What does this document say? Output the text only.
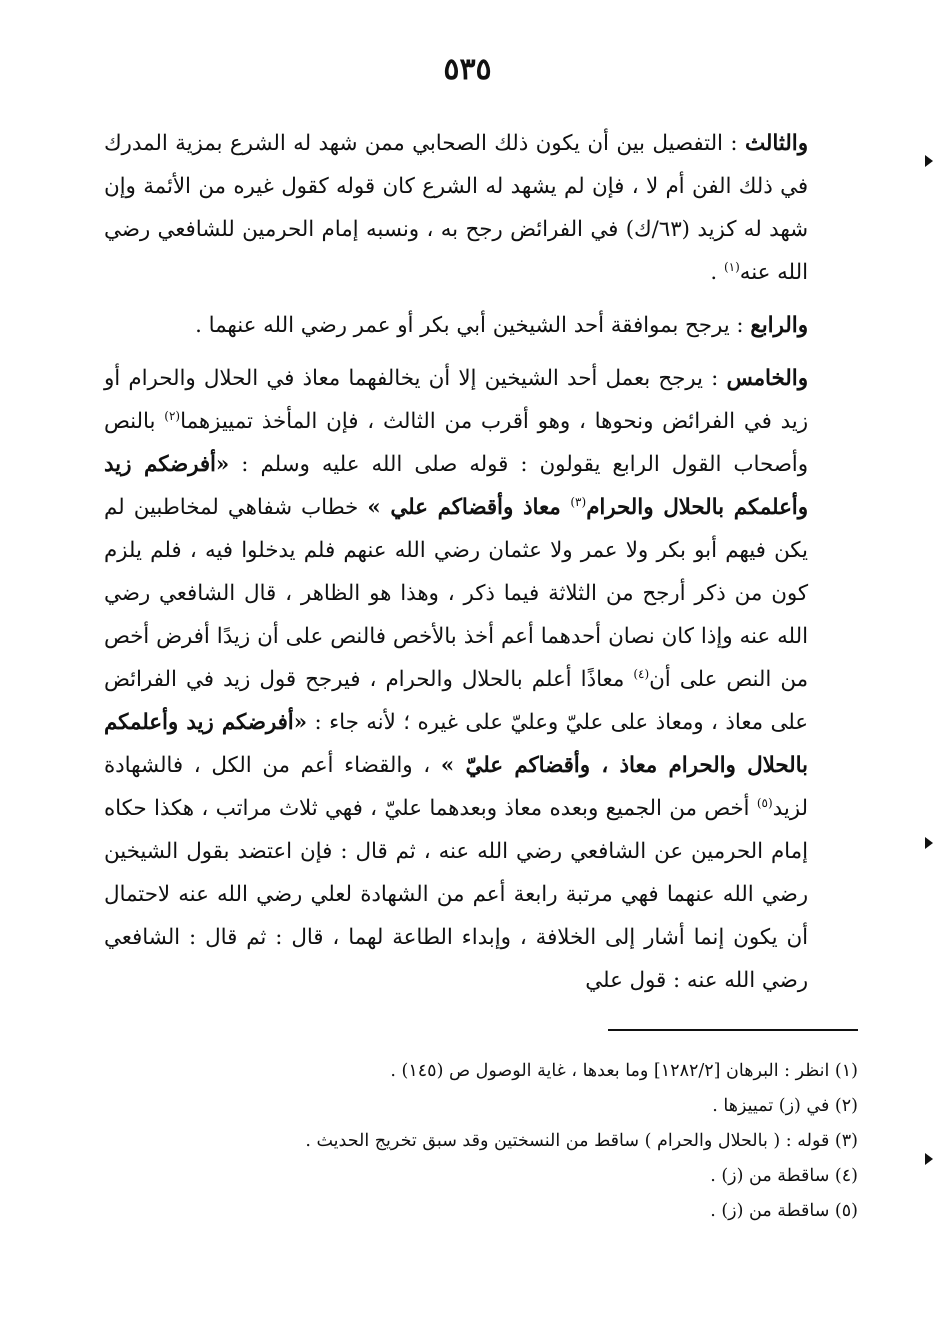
٥٣٥

والثالث : التفصيل بين أن يكون ذلك الصحابي ممن شهد له الشرع بمزية المدرك في ذلك الفن أم لا ، فإن لم يشهد له الشرع كان قوله كقول غيره من الأئمة وإن شهد له كزيد (٦٣/ك) في الفرائض رجح به ، ونسبه إمام الحرمين للشافعي رضي الله عنه$^{(١)}$ .

والرابع : يرجح بموافقة أحد الشيخين أبي بكر أو عمر رضي الله عنهما .

والخامس : يرجح بعمل أحد الشيخين إلا أن يخالفهما معاذ في الحلال والحرام أو زيد في الفرائض ونحوها ، وهو أقرب من الثالث ، فإن المأخذ تمييزهما$^{(٢)}$ بالنص وأصحاب القول الرابع يقولون : قوله صلى الله عليه وسلم : «أفرضكم زيد وأعلمكم بالحلال والحرام$^{(٣)}$ معاذ وأقضاكم علي » خطاب شفاهي لمخاطبين لم يكن فيهم أبو بكر ولا عمر ولا عثمان رضي الله عنهم فلم يدخلوا فيه ، فلم يلزم كون من ذكر أرجح من الثلاثة فيما ذكر ، وهذا هو الظاهر ، قال الشافعي رضي الله عنه وإذا كان نصان أحدهما أعم أخذ بالأخص فالنص على أن زيدًا أفرض أخص من النص على أن$^{(٤)}$ معاذًا أعلم بالحلال والحرام ، فيرجح قول زيد في الفرائض على معاذ ، ومعاذ على عليّ وعليّ على غيره ؛ لأنه جاء : «أفرضكم زيد وأعلمكم بالحلال والحرام معاذ ، وأقضاكم عليّ » ، والقضاء أعم من الكل ، فالشهادة لزيد$^{(٥)}$ أخص من الجميع وبعده معاذ وبعدهما عليّ ، فهي ثلاث مراتب ، هكذا حكاه إمام الحرمين عن الشافعي رضي الله عنه ، ثم قال : فإن اعتضد بقول الشيخين رضي الله عنهما فهي مرتبة رابعة أعم من الشهادة لعلي رضي الله عنه لاحتمال أن يكون إنما أشار إلى الخلافة ، وإبداء الطاعة لهما ، قال : ثم قال : الشافعي رضي الله عنه : قول علي

(١) انظر : البرهان [١٢٨٢/٢] وما بعدها ، غاية الوصول ص (١٤٥) .
(٢) في (ز) تمييزها .
(٣) قوله : ( بالحلال والحرام ) ساقط من النسختين وقد سبق تخريج الحديث .
(٤) ساقطة من (ز) .
(٥) ساقطة من (ز) .
